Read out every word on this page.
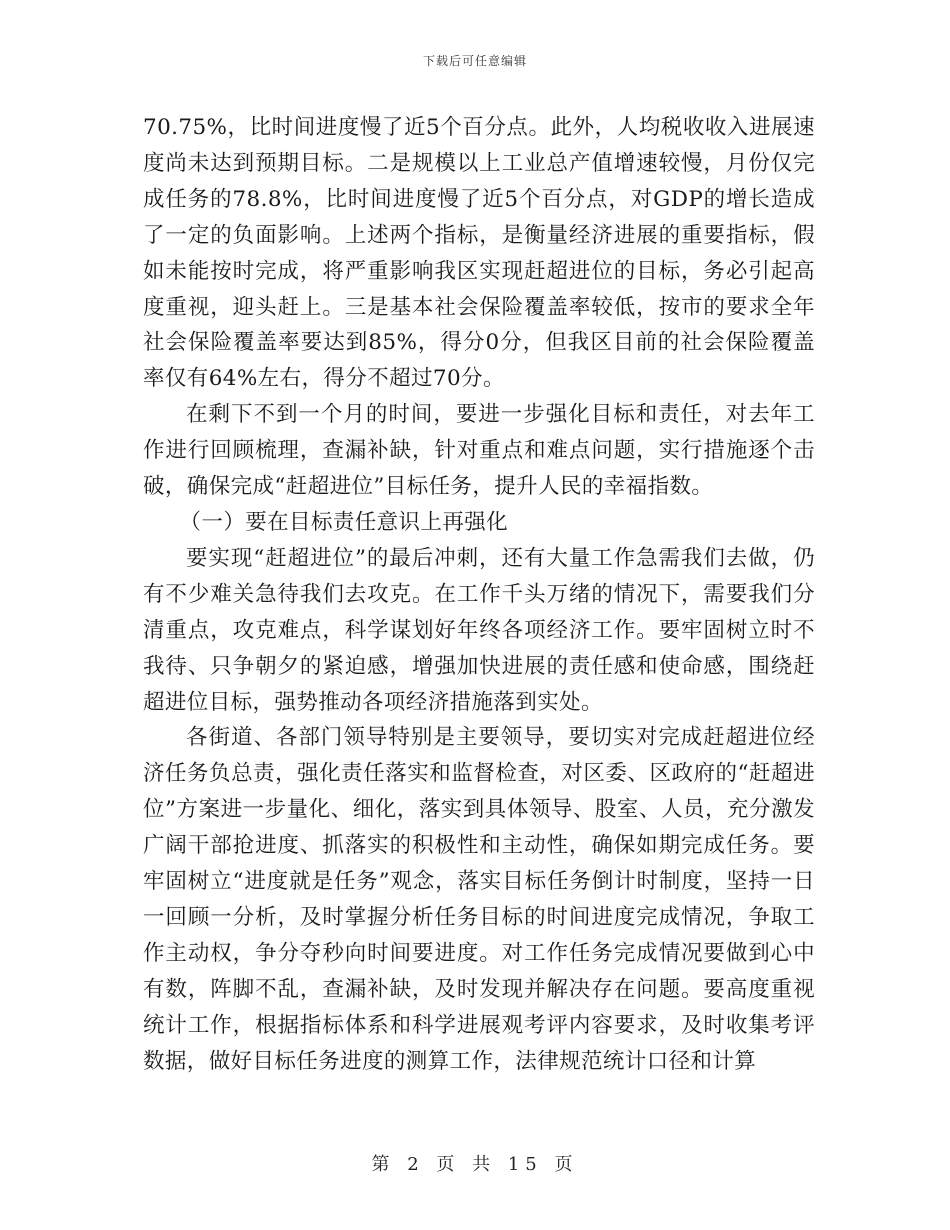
下载后可任意编辑

70.75%，比时间进度慢了近5个百分点。此外，人均税收收入进展速度尚未达到预期目标。二是规模以上工业总产值增速较慢，月份仅完成任务的78.8%，比时间进度慢了近5个百分点，对GDP的增长造成了一定的负面影响。上述两个指标，是衡量经济进展的重要指标，假如未能按时完成，将严重影响我区实现赶超进位的目标，务必引起高度重视，迎头赶上。三是基本社会保险覆盖率较低，按市的要求全年社会保险覆盖率要达到85%，得分0分，但我区目前的社会保险覆盖率仅有64%左右，得分不超过70分。

在剩下不到一个月的时间，要进一步强化目标和责任，对去年工作进行回顾梳理，查漏补缺，针对重点和难点问题，实行措施逐个击破，确保完成“赶超进位”目标任务，提升人民的幸福指数。

（一）要在目标责任意识上再强化

要实现“赶超进位”的最后冲刺，还有大量工作急需我们去做，仍有不少难关急待我们去攻克。在工作千头万绪的情况下，需要我们分清重点，攻克难点，科学谋划好年终各项经济工作。要牢固树立时不我待、只争朝夕的紧迫感，增强加快进展的责任感和使命感，围绕赶超进位目标，强势推动各项经济措施落到实处。

各街道、各部门领导特别是主要领导，要切实对完成赶超进位经济任务负总责，强化责任落实和监督检查，对区委、区政府的“赶超进位”方案进一步量化、细化，落实到具体领导、股室、人员，充分激发广阔干部抢进度、抓落实的积极性和主动性，确保如期完成任务。要牢固树立“进度就是任务”观念，落实目标任务倒计时制度，坚持一日一回顾一分析，及时掌握分析任务目标的时间进度完成情况，争取工作主动权，争分夺秒向时间要进度。对工作任务完成情况要做到心中有数，阵脚不乱，查漏补缺，及时发现并解决存在问题。要高度重视统计工作，根据指标体系和科学进展观考评内容要求，及时收集考评数据，做好目标任务进度的测算工作，法律规范统计口径和计算

第 2 页 共 15 页
